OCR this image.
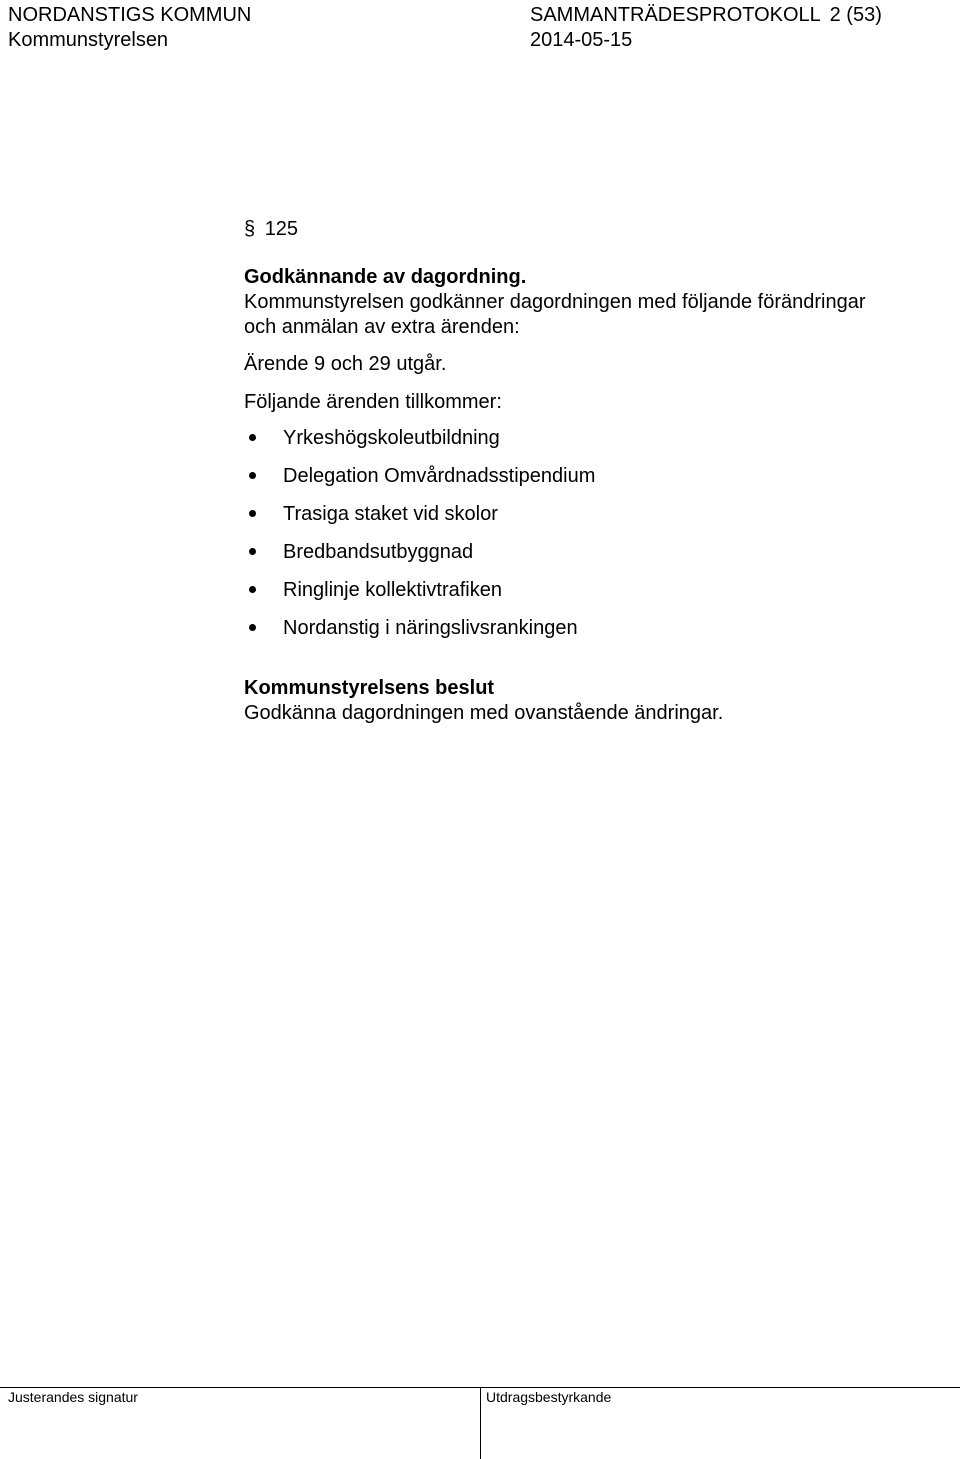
NORDANSTIGS KOMMUN	SAMMANTRÄDESPROTOKOLL 2 (53)
Kommunstyrelsen	2014-05-15
§ 125
Godkännande av dagordning.
Kommunstyrelsen godkänner dagordningen med följande förändringar
och anmälan av extra ärenden:
Ärende 9 och 29 utgår.
Följande ärenden tillkommer:
Yrkeshögskoleutbildning
Delegation Omvårdnadsstipendium
Trasiga staket vid skolor
Bredbandsutbyggnad
Ringlinje kollektivtrafiken
Nordanstig i näringslivsrankingen
Kommunstyrelsens beslut
Godkänna dagordningen med ovanstående ändringar.
Justerandes signatur	Utdragsbestyrkande
